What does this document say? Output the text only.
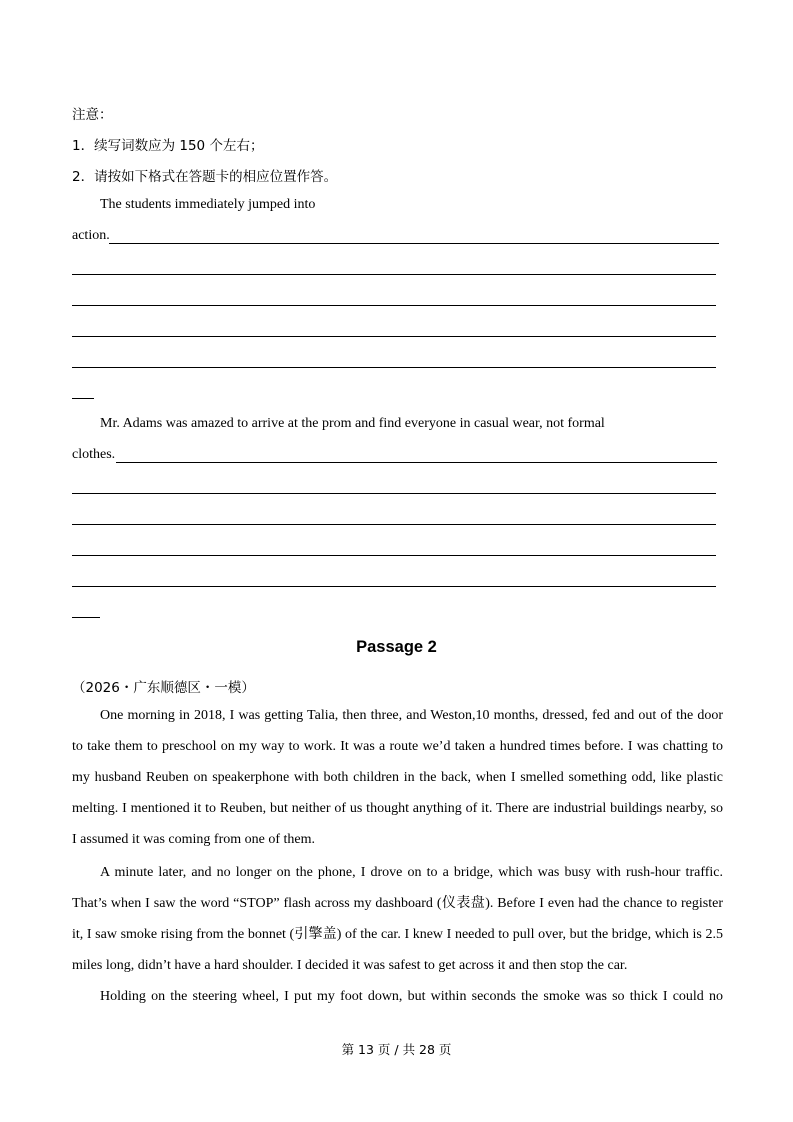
注意：
1．续写词数应为 150 个左右；
2．请按如下格式在答题卡的相应位置作答。
The students immediately jumped into
action.
Mr. Adams was amazed to arrive at the prom and find everyone in casual wear, not formal
clothes.
Passage 2
（2026・广东顺德区・一模）
One morning in 2018, I was getting Talia, then three, and Weston,10 months, dressed, fed and out of the door to take them to preschool on my way to work. It was a route we’d taken a hundred times before. I was chatting to my husband Reuben on speakerphone with both children in the back, when I smelled something odd, like plastic melting. I mentioned it to Reuben, but neither of us thought anything of it. There are industrial buildings nearby, so I assumed it was coming from one of them.
A minute later, and no longer on the phone, I drove on to a bridge, which was busy with rush-hour traffic. That’s when I saw the word “STOP” flash across my dashboard (仪表盘). Before I even had the chance to register it, I saw smoke rising from the bonnet (引擎盖) of the car. I knew I needed to pull over, but the bridge, which is 2.5 miles long, didn’t have a hard shoulder. I decided it was safest to get across it and then stop the car.
Holding on the steering wheel, I put my foot down, but within seconds the smoke was so thick I could no
第 13 页 / 共 28 页
